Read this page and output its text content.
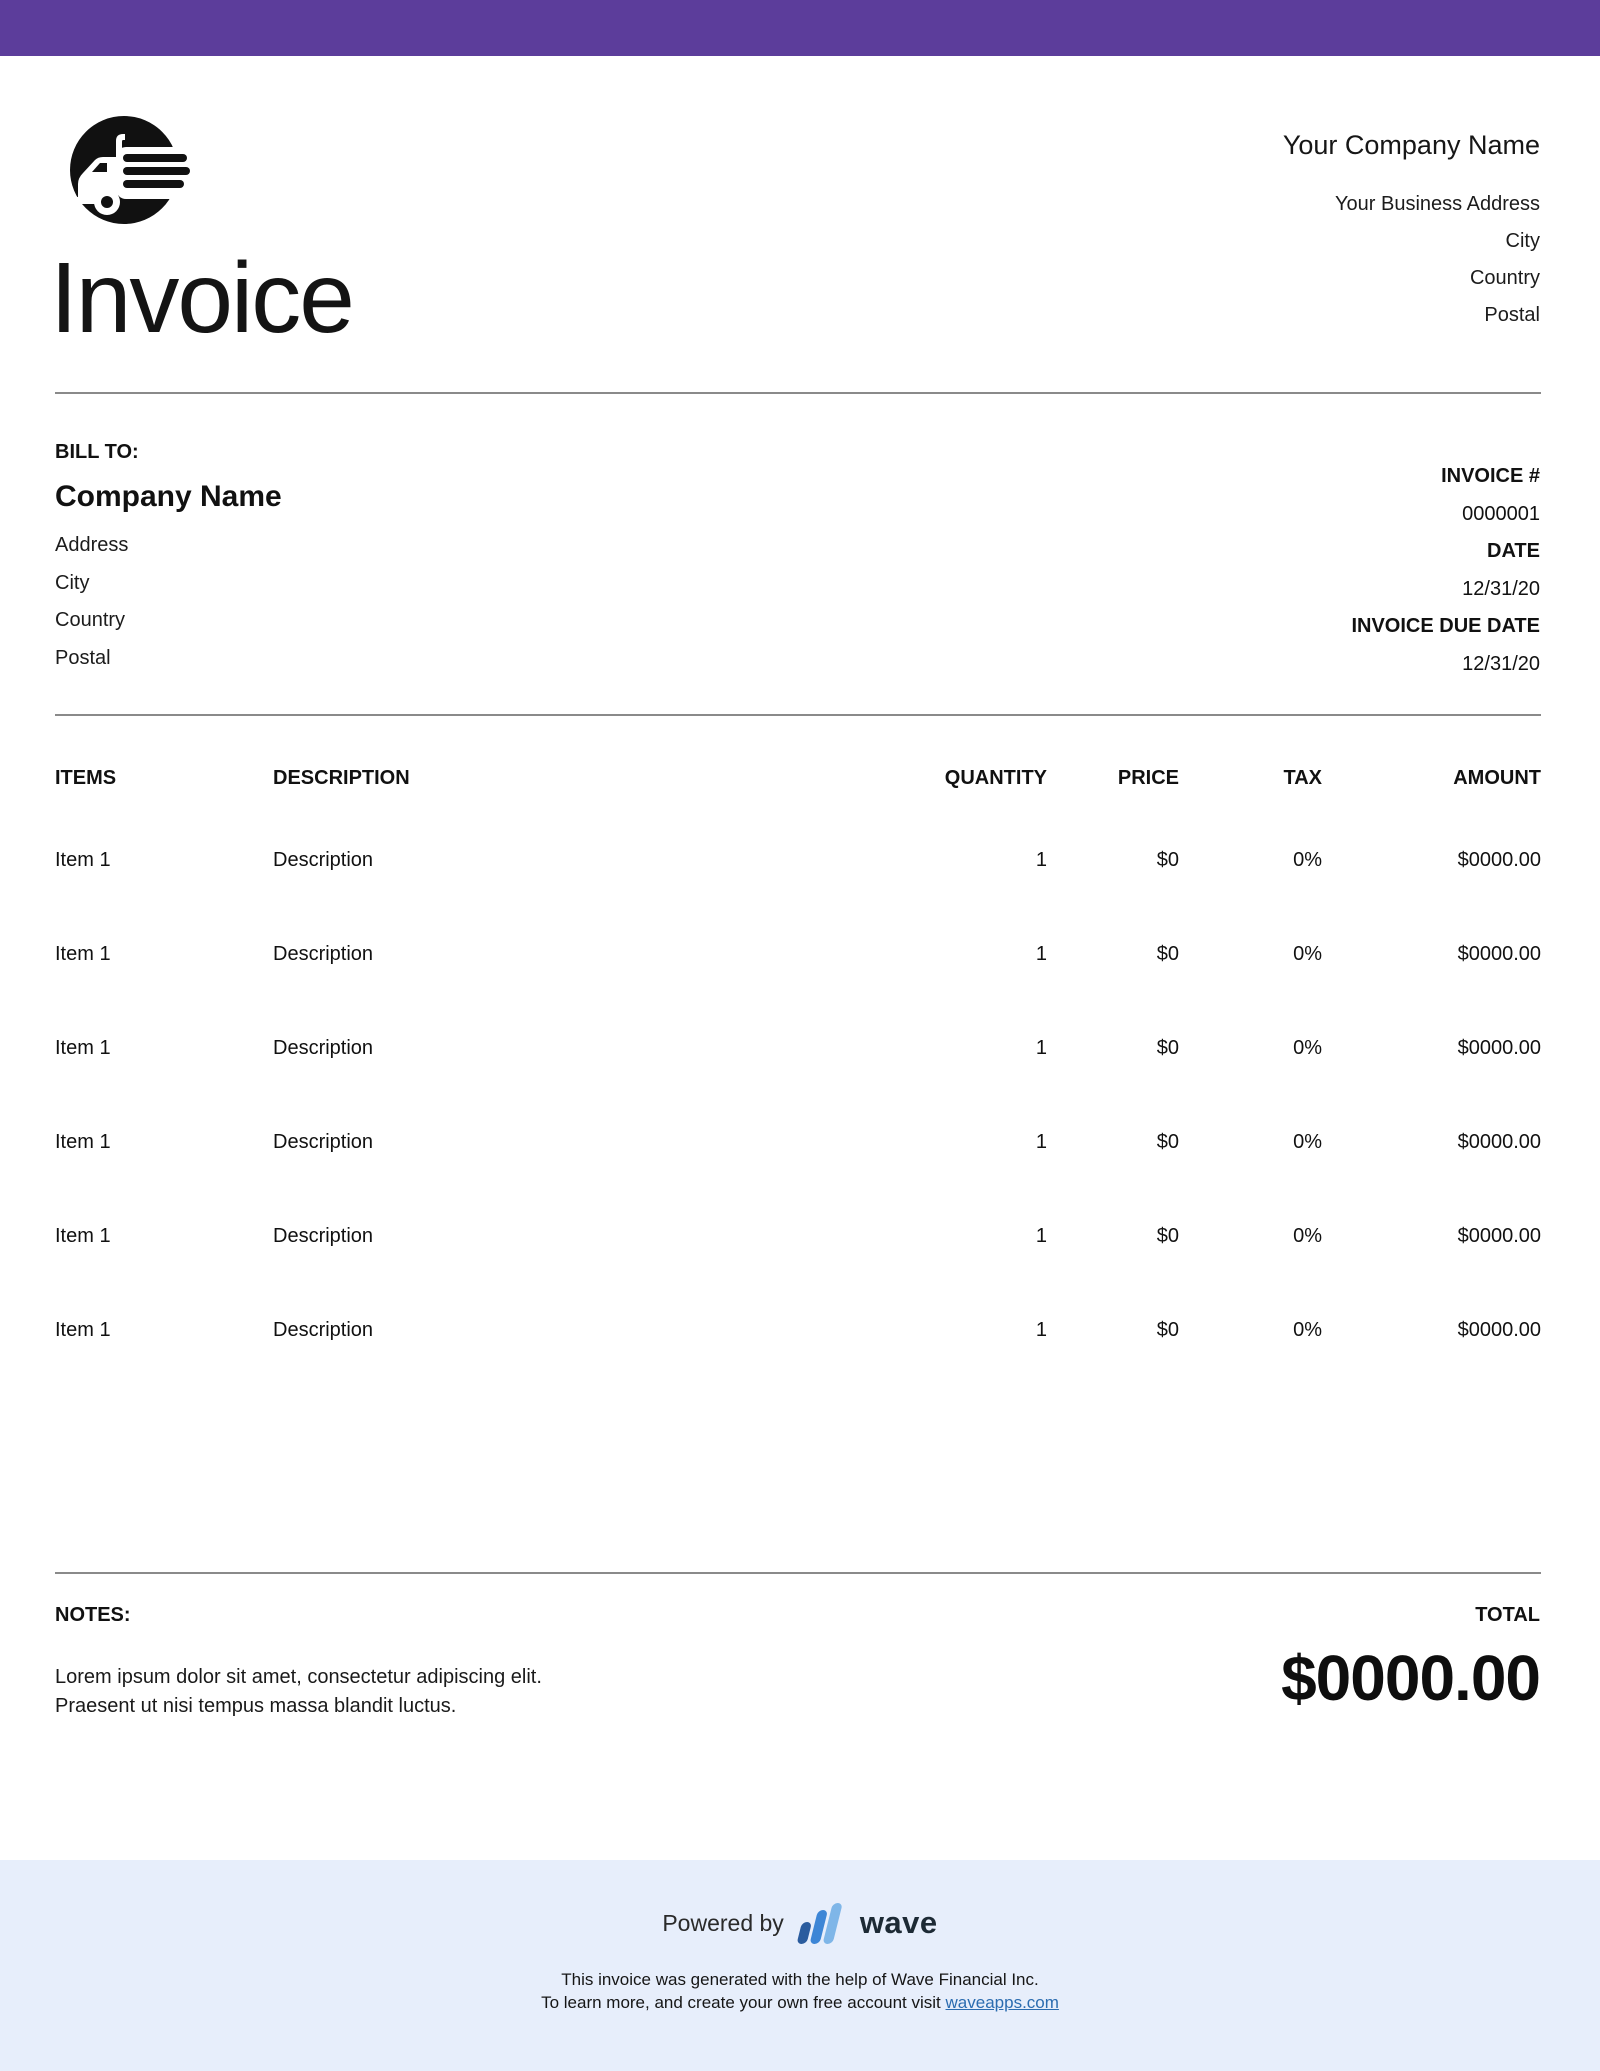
Invoice
Your Company Name
Your Business Address
City
Country
Postal
BILL TO:
Company Name
Address
City
Country
Postal
INVOICE #
0000001
DATE
12/31/20
INVOICE DUE DATE
12/31/20
ITEMS	DESCRIPTION	QUANTITY	PRICE	TAX	AMOUNT
Item 1	Description	1	$0	0%	$0000.00
Item 1	Description	1	$0	0%	$0000.00
Item 1	Description	1	$0	0%	$0000.00
Item 1	Description	1	$0	0%	$0000.00
Item 1	Description	1	$0	0%	$0000.00
Item 1	Description	1	$0	0%	$0000.00
NOTES:
Lorem ipsum dolor sit amet, consectetur adipiscing elit.
Praesent ut nisi tempus massa blandit luctus.
TOTAL
$0000.00
Powered by wave
This invoice was generated with the help of Wave Financial Inc.
To learn more, and create your own free account visit waveapps.com
